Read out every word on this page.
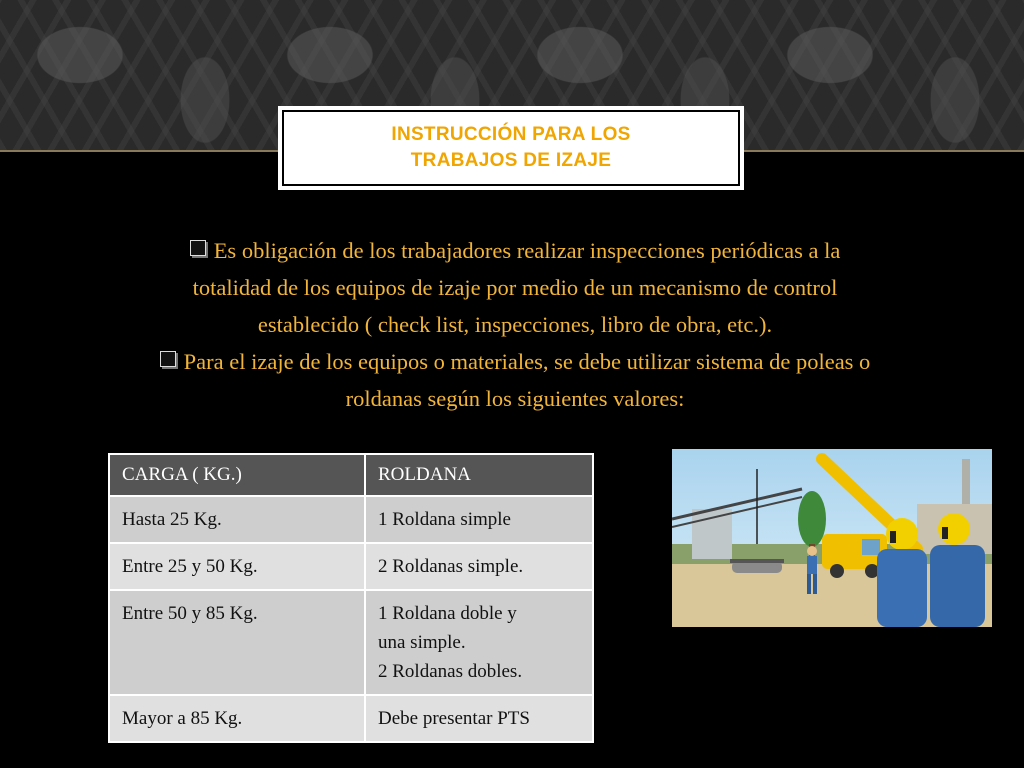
INSTRUCCIÓN PARA LOS
TRABAJOS DE IZAJE

Es obligación de los trabajadores realizar inspecciones periódicas a la
totalidad de los equipos de izaje por medio de un mecanismo de control
establecido ( check list, inspecciones, libro de obra, etc.).

Para el izaje de los equipos o materiales, se debe utilizar sistema de poleas o
roldanas según los siguientes valores:

CARGA ( KG.)	ROLDANA
Hasta 25 Kg.	1 Roldana simple
Entre 25 y 50 Kg.	2 Roldanas simple.
Entre 50 y 85 Kg.	1 Roldana doble y
una simple.
2 Roldanas dobles.
Mayor a 85 Kg.	Debe presentar PTS
